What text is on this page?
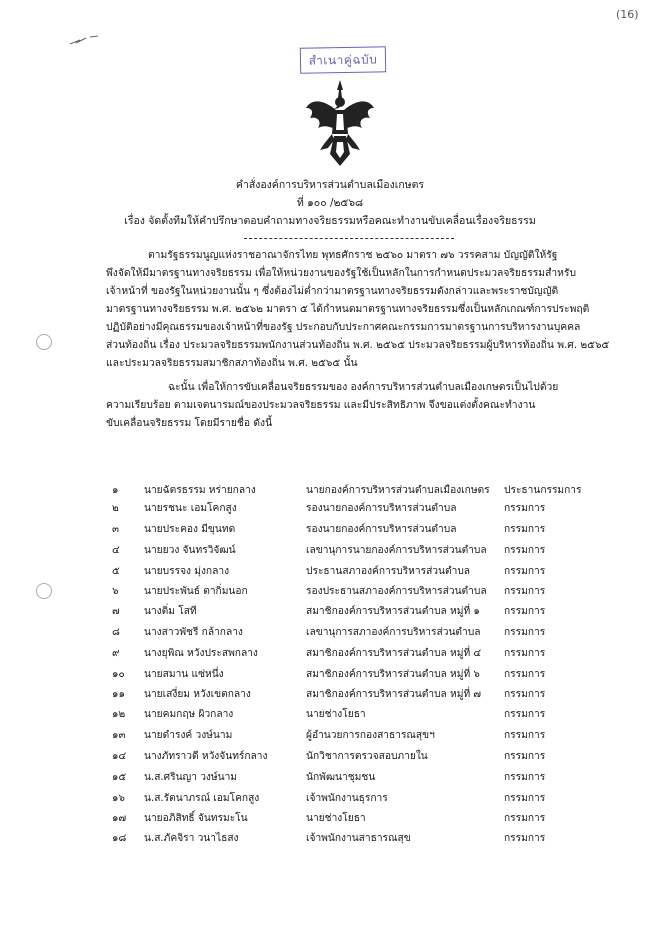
(16)
สำเนาคู่ฉบับ
คำสั่งองค์การบริหารส่วนตำบลเมืองเกษตร
ที่ ๑๐๐ /๒๕๖๘
เรื่อง จัดตั้งทีมให้คำปรึกษาตอบคำถามทางจริยธรรมหรือคณะทำงานขับเคลื่อนเรื่องจริยธรรม
ตามรัฐธรรมนูญแห่งราชอาณาจักรไทย พุทธศักราช ๒๕๖๐ มาตรา ๗๖ วรรคสาม บัญญัติให้รัฐ
พึงจัดให้มีมาตรฐานทางจริยธรรม เพื่อให้หน่วยงานของรัฐใช้เป็นหลักในการกำหนดประมวลจริยธรรมสำหรับ
เจ้าหน้าที่ ของรัฐในหน่วยงานนั้น ๆ ซึ่งต้องไม่ต่ำกว่ามาตรฐานทางจริยธรรมดังกล่าวและพระราชบัญญัติ
มาตรฐานทางจริยธรรม พ.ศ. ๒๕๖๒ มาตรา ๕ ได้กำหนดมาตรฐานทางจริยธรรมซึ่งเป็นหลักเกณฑ์การประพฤติ
ปฏิบัติอย่างมีคุณธรรมของเจ้าหน้าที่ของรัฐ ประกอบกับประกาศคณะกรรมการมาตรฐานการบริหารงานบุคคล
ส่วนท้องถิ่น เรื่อง ประมวลจริยธรรมพนักงานส่วนท้องถิ่น พ.ศ. ๒๕๖๕ ประมวลจริยธรรมผู้บริหารท้องถิ่น พ.ศ. ๒๕๖๕
และประมวลจริยธรรมสมาชิกสภาท้องถิ่น พ.ศ. ๒๕๖๕ นั้น
ฉะนั้น เพื่อให้การขับเคลื่อนจริยธรรมของ องค์การบริหารส่วนตำบลเมืองเกษตรเป็นไปด้วย
ความเรียบร้อย ตามเจตนารมณ์ของประมวลจริยธรรม และมีประสิทธิภาพ จึงขอแต่งตั้งคณะทำงาน
ขับเคลื่อนจริยธรรม โดยมีรายชื่อ ดังนี้
๑	นายฉัตรธรรม หร่ายกลาง	นายกองค์การบริหารส่วนตำบลเมืองเกษตร ประธานกรรมการ
๒ นายรชนะ เอมโคกสูง	รองนายกองค์การบริหารส่วนตำบล	กรรมการ
๓ นายประคอง มีขุนทด	รองนายกองค์การบริหารส่วนตำบล	กรรมการ
๔ นายยวง จันทรวิจัฒน์	เลขานุการนายกองค์การบริหารส่วนตำบล กรรมการ
๕ นายบรรจง มุ่งกลาง	ประธานสภาองค์การบริหารส่วนตำบล	กรรมการ
๖	นายประพันธ์ ตากิ่มนอก	รองประธานสภาองค์การบริหารส่วนตำบล กรรมการ
๗ นางติ่ม โสที	สมาชิกองค์การบริหารส่วนตำบล หมู่ที่ ๑ กรรมการ
๘ นางสาวพัชรี กล้ากลาง	เลขานุการสภาองค์การบริหารส่วนตำบล กรรมการ
๙ นางยุพิณ หวังประสพกลาง	สมาชิกองค์การบริหารส่วนตำบล หมู่ที่ ๔ กรรมการ
๑๐ นายสมาน แซ่หนึ่ง	สมาชิกองค์การบริหารส่วนตำบล หมู่ที่ ๖ กรรมการ
๑๑ นายเสงี่ยม หวังเขตกลาง	สมาชิกองค์การบริหารส่วนตำบล หมู่ที่ ๗ กรรมการ
๑๒ นายคมกฤษ ผิวกลาง	นายช่างโยธา	กรรมการ
๑๓ นายดำรงค์ วงษ์นาม	ผู้อำนวยการกองสาธารณสุขฯ	กรรมการ
๑๔ นางภัทราวดี หวังจันทร์กลาง	นักวิชาการตรวจสอบภายใน	กรรมการ
๑๕ น.ส.ศรินญา วงษ์นาม	นักพัฒนาชุมชน	กรรมการ
๑๖ น.ส.รัตนาภรณ์ เอมโคกสูง	เจ้าพนักงานธุรการ	กรรมการ
๑๗ นายอภิสิทธิ์ จันทรมะโน	นายช่างโยธา	กรรมการ
๑๘ น.ส.ภัคจิรา วนาไธสง	เจ้าพนักงานสาธารณสุข	กรรมการ
